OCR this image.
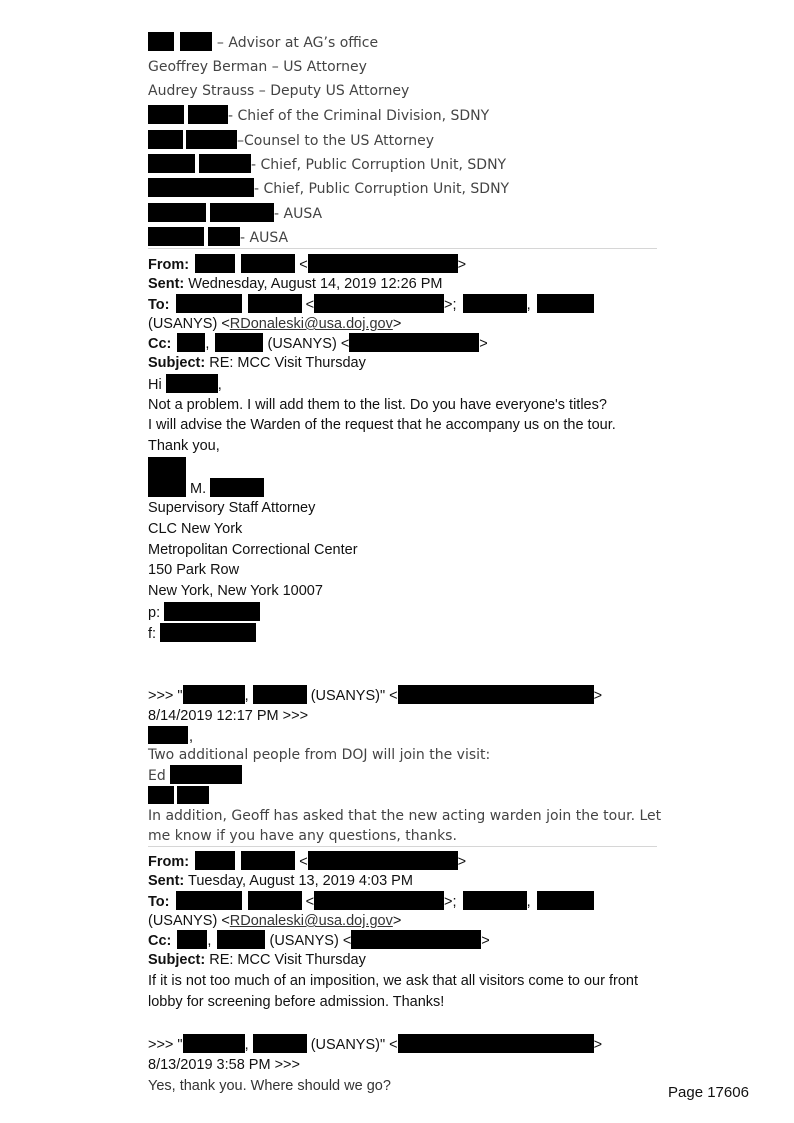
– Advisor at AG’s office
Geoffrey Berman – US Attorney
Audrey Strauss – Deputy US Attorney
- Chief of the Criminal Division, SDNY
–Counsel to the US Attorney
- Chief, Public Corruption Unit, SDNY
- Chief, Public Corruption Unit, SDNY
- AUSA
- AUSA
From:	<	>
Sent: Wednesday, August 14, 2019 12:26 PM
To:	<	>;	,
(USANYS) <RDonaleski@usa.doj.gov>
Cc: ,	(USANYS) <	>
Subject: RE: MCC Visit Thursday
Hi	,
Not a problem. I will add them to the list. Do you have everyone's titles?
I will advise the Warden of the request that he accompany us on the tour.
Thank you,
M.
Supervisory Staff Attorney
CLC New York
Metropolitan Correctional Center
150 Park Row
New York, New York 10007
p:
f:
>>> "	,	(USANYS)" <	>
8/14/2019 12:17 PM >>>
,
Two additional people from DOJ will join the visit:
Ed
In addition, Geoff has asked that the new acting warden join the tour. Let
me know if you have any questions, thanks.
From:	<	>
Sent: Tuesday, August 13, 2019 4:03 PM
To:	<	>;	,
(USANYS) <RDonaleski@usa.doj.gov>
Cc: ,	(USANYS) <	>
Subject: RE: MCC Visit Thursday
If it is not too much of an imposition, we ask that all visitors come to our front
lobby for screening before admission. Thanks!
>>> "	,	(USANYS)" <	>
8/13/2019 3:58 PM >>>
Yes, thank you. Where should we go?	Page 17606
